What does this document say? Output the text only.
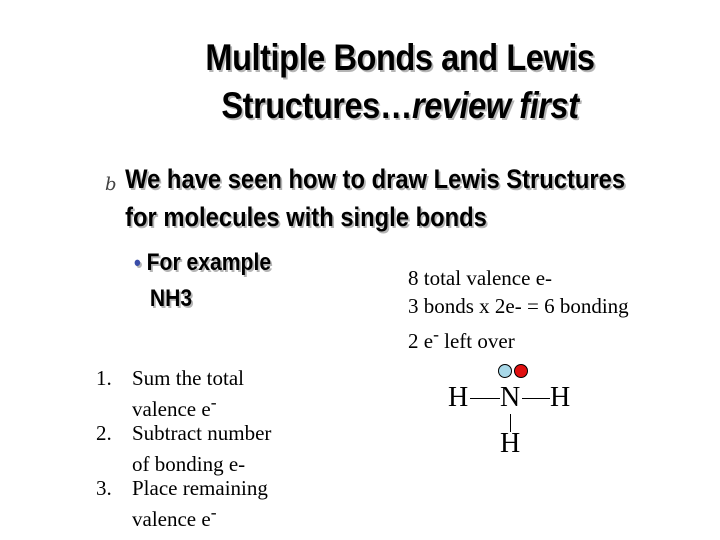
Multiple Bonds and Lewis
Structures…review first
b We have seen how to draw Lewis Structures
for molecules with single bonds
• For example
NH3
1. Sum the total
valence e-
2. Subtract number
of bonding e-
3. Place remaining
valence e-
8 total valence e-
3 bonds x 2e- = 6 bonding
2 e- left over
H N H
H
